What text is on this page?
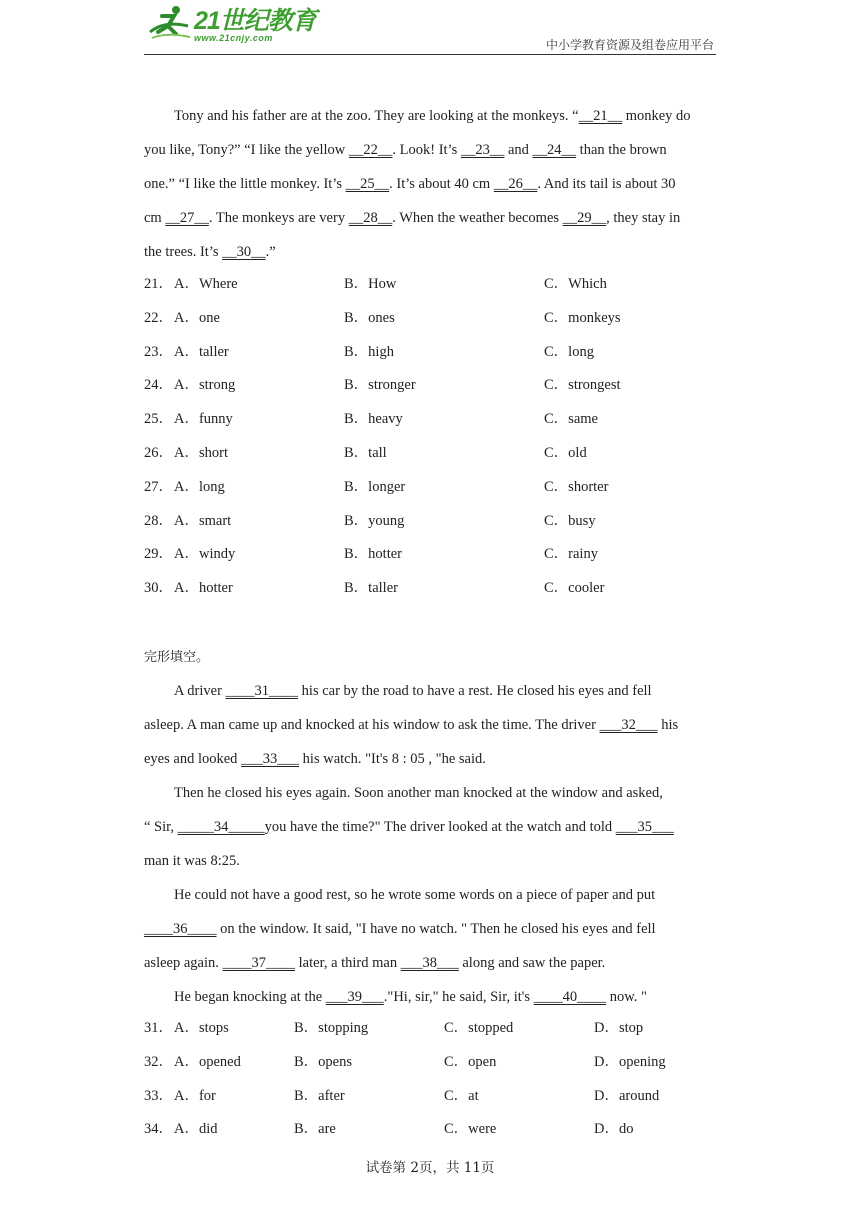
21世纪教育
www.21cnjy.com	中小学教育资源及组卷应用平台

Tony and his father are at the zoo. They are looking at the monkeys. “__21__ monkey do

you like, Tony?” “I like the yellow __22__. Look! It’s __23__ and __24__ than the brown

one.” “I like the little monkey. It’s __25__. It’s about 40 cm __26__. And its tail is about 30

cm __27__. The monkeys are very __28__. When the weather becomes __29__, they stay in

the trees. It’s __30__.”

21． A．Where	B．How	C．Which
22． A．one	B．ones	C．monkeys
23． A．taller	B．high	C．long
24． A．strong	B．stronger	C．strongest
25． A．funny	B．heavy	C．same
26． A．short	B．tall	C．old
27． A．long	B．longer	C．shorter
28． A．smart	B．young	C．busy
29． A．windy	B．hotter	C．rainy
30． A．hotter	B．taller	C．cooler
完形填空。

A driver ____31____ his car by the road to have a rest. He closed his eyes and fell

asleep. A man came up and knocked at his window to ask the time. The driver ___32___ his

eyes and looked ___33___ his watch. "It's 8 : 05 , "he said.

Then he closed his eyes again. Soon another man knocked at the window and asked,

“ Sir, _____34_____you have the time?" The driver looked at the watch and told ___35___

man it was 8:25.

He could not have a good rest, so he wrote some words on a piece of paper and put

____36____ on the window. It said, "I have no watch. " Then he closed his eyes and fell

asleep again. ____37____ later, a third man ___38___ along and saw the paper.

He began knocking at the ___39___."Hi, sir," he said, Sir, it's ____40____ now. "

31． A．stops	B．stopping	C．stopped	D．stop
32． A．opened	B．opens	C．open	D．opening
33． A．for	B．after	C．at	D．around
34． A．did	B．are	C．were	D．do
试卷第 2页，共 11页
